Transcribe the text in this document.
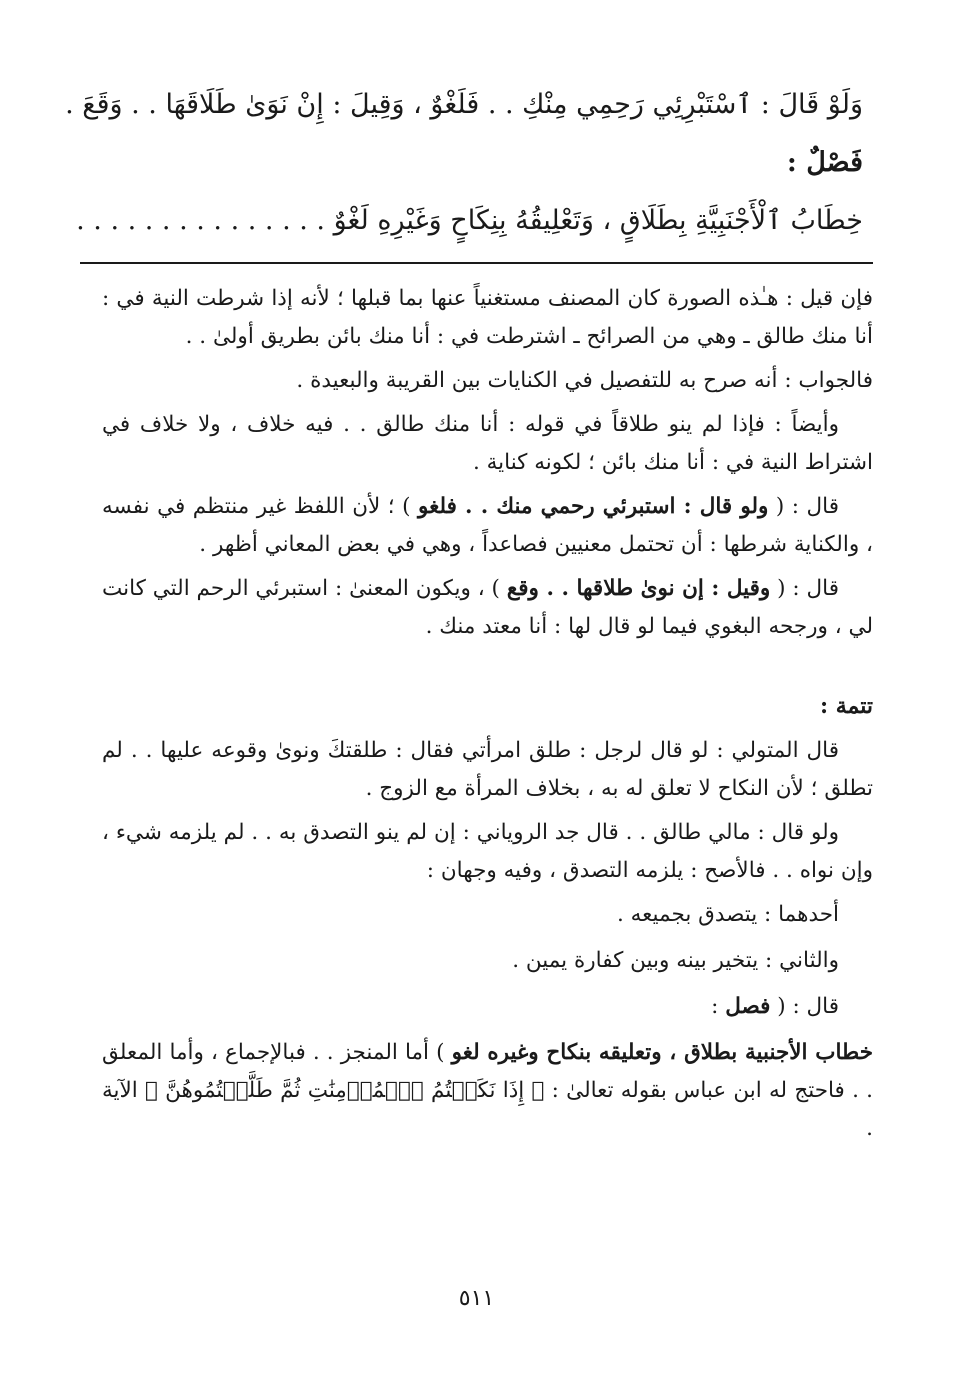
وَلَوْ قَالَ : ٱسْتَبْرِئِي رَحِمِي مِنْكِ . . فَلَغْوٌ ، وَقِيلَ : إِنْ نَوَىٰ طَلَاقَهَا . . وَقَعَ .
فَصْلٌ :
خِطَابُ ٱلْأَجْنَبِيَّةِ بِطَلَاقٍ ، وَتَعْلِيقُهُ بِنِكَاحٍ وَغَيْرِهِ لَغْوٌ . . . . . . . . . . . . . . .

فإن قيل : هـٰذه الصورة كان المصنف مستغنياً عنها بما قبلها ؛ لأنه إذا شرطت النية في : أنا منك طالق ـ وهي من الصرائح ـ اشترطت في : أنا منك بائن بطريق أولىٰ . .

فالجواب : أنه صرح به للتفصيل في الكنايات بين القريبة والبعيدة .

وأيضاً : فإذا لم ينو طلاقاً في قوله : أنا منك طالق . . فيه خلاف ، ولا خلاف في اشتراط النية في : أنا منك بائن ؛ لكونه كناية .

قال : ( ولو قال : استبرئي رحمي منك . . فلغو ) ؛ لأن اللفظ غير منتظم في نفسه ، والكناية شرطها : أن تحتمل معنيين فصاعداً ، وهي في بعض المعاني أظهر .

قال : ( وقيل : إن نوىٰ طلاقها . . وقع ) ، ويكون المعنىٰ : استبرئي الرحم التي كانت لي ، ورجحه البغوي فيما لو قال لها : أنا معتد منك .

تتمة :

قال المتولي : لو قال لرجل : طلق امرأتي فقال : طلقتكَ ونوىٰ وقوعه عليها . . لم تطلق ؛ لأن النكاح لا تعلق له به ، بخلاف المرأة مع الزوج .

ولو قال : مالي طالق . . قال جد الروياني : إن لم ينو التصدق به . . لم يلزمه شيء ، وإن نواه . . فالأصح : يلزمه التصدق ، وفيه وجهان :

أحدهما : يتصدق بجميعه .

والثاني : يتخير بينه وبين كفارة يمين .

قال : ( فصل :

خطاب الأجنبية بطلاق ، وتعليقه بنكاح وغيره لغو ) أما المنجز . . فبالإجماع ، وأما المعلق . . فاحتج له ابن عباس بقوله تعالىٰ : ﴿ إِذَا نَكَحۡتُمُ ٱلۡمُؤۡمِنَٰتِ ثُمَّ طَلَّقۡتُمُوهُنَّ ﴾ الآية .

٥١١
